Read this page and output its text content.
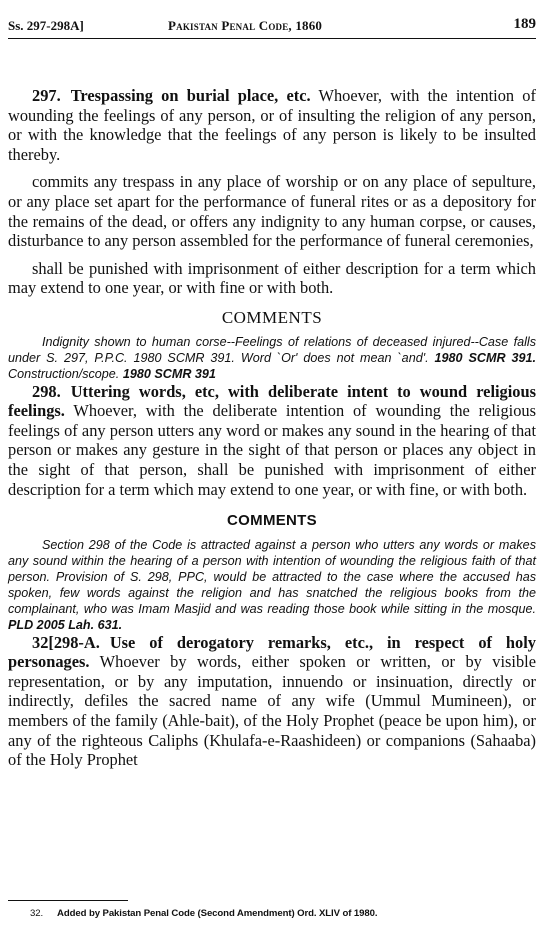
Ss. 297-298A]	Pakistan Penal Code, 1860	189

297. Trespassing on burial place, etc. Whoever, with the intention of wounding the feelings of any person, or of insulting the religion of any person, or with the knowledge that the feelings of any person is likely to be insulted thereby.

commits any trespass in any place of worship or on any place of sepulture, or any place set apart for the performance of funeral rites or as a depository for the remains of the dead, or offers any indignity to any human corpse, or causes, disturbance to any person assembled for the performance of funeral ceremonies,

shall be punished with imprisonment of either description for a term which may extend to one year, or with fine or with both.

COMMENTS

Indignity shown to human corse--Feelings of relations of deceased injured--Case falls under S. 297, P.P.C. 1980 SCMR 391. Word `Or' does not mean `and'. 1980 SCMR 391. Construction/scope. 1980 SCMR 391

298. Uttering words, etc, with deliberate intent to wound religious feelings. Whoever, with the deliberate intention of wounding the religious feelings of any person utters any word or makes any sound in the hearing of that person or makes any gesture in the sight of that person or places any object in the sight of that person, shall be punished with imprisonment of either description for a term which may extend to one year, or with fine, or with both.

COMMENTS

Section 298 of the Code is attracted against a person who utters any words or makes any sound within the hearing of a person with intention of wounding the religious faith of that person. Provision of S. 298, PPC, would be attracted to the case where the accused has spoken, few words against the religion and has snatched the religious books from the complainant, who was Imam Masjid and was reading those book while sitting in the mosque. PLD 2005 Lah. 631.

32[298-A. Use of derogatory remarks, etc., in respect of holy personages. Whoever by words, either spoken or written, or by visible representation, or by any imputation, innuendo or insinuation, directly or indirectly, defiles the sacred name of any wife (Ummul Mumineen), or members of the family (Ahle-bait), of the Holy Prophet (peace be upon him), or any of the righteous Caliphs (Khulafa-e-Raashideen) or companions (Sahaaba) of the Holy Prophet

32. Added by Pakistan Penal Code (Second Amendment) Ord. XLIV of 1980.
